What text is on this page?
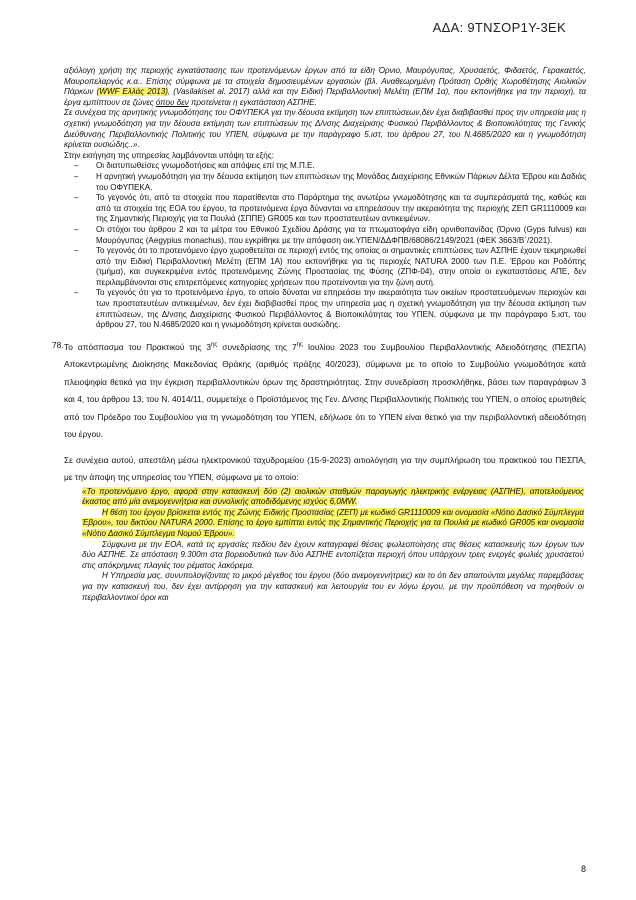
ΑΔΑ: 9ΤΝΣΟΡ1Υ-3ΕΚ

αξιόλογη χρήση της περιοχής εγκατάστασης των προτεινόμενων έργων από τα είδη Όρνιο, Μαυρόγυπας, Χρυσαετός, Φιδαετός, Γερακαετός, Μαυροπελαργός κ.α.. Επίσης σύμφωνα με τα στοιχεία δημοσιευμένων εργασιών (βλ. Αναθεωρημένη Πρόταση Ορθής Χωροθέτησης Αιολικών Πάρκων (WWF Ελλάς 2013), (Vasilakiset al. 2017) αλλά και την Ειδική Περιβαλλοντική Μελέτη (ΕΠΜ 1α), που εκπονήθηκε για την περιοχή, τα έργα εμπίπτουν σε ζώνες όπου δεν προτείνεται η εγκατάσταση ΑΣΠΗΕ.

Σε συνέχεια της αρνητικής γνωμοδότησης του ΟΦΥΠΕΚΑ για την δέουσα εκτίμηση των επιπτώσεων,δεν έχει διαβιβασθεί προς την υπηρεσία μας η σχετική γνωμοδότηση για την δέουσα εκτίμηση των επιπτώσεων της Δ/νσης Διαχείρισης Φυσικού Περιβάλλοντος & Βιοποικιλότητας της Γενικής Διεύθυνσης Περιβαλλοντικής Πολιτικής του ΥΠΕΝ, σύμφωνα με την παράγραφο 5.ιστ, του άρθρου 27, του Ν.4685/2020 και η γνωμοδότηση κρίνεται ουσιώδης..».

Στην εισήγηση της υπηρεσίας λαμβάνονται υπόψη τα εξής:

– Οι διατυπωθείσες γνωμοδοτήσεις και απόψεις επί της Μ.Π.Ε.
– Η αρνητική γνωμοδότηση για την δέουσα εκτίμηση των επιπτώσεων της Μονάδας Διαχείρισης Εθνικών Πάρκων Δέλτα Έβρου και Δαδιάς του ΟΦΥΠΕΚΑ.
– Το γεγονός ότι, από τα στοιχεία που παρατίθενται στο Παράρτημα της ανωτέρω γνωμοδότησης και τα συμπεράσματά της, καθώς και από τα στοιχεία της ΕΟΑ του έργου, τα προτεινόμενα έργα δύνανται να επηρεάσουν την ακεραιότητα της περιοχής ΖΕΠ GR1110009 και της Σημαντικής Περιοχής για τα Πουλιά (ΣΠΠΕ) GR005 και των προστατευτέων αντικειμένων.
– Οι στόχοι του άρθρου 2 και τα μέτρα του Εθνικού Σχεδίου Δράσης για τα πτωματοφάγα είδη ορνιθοπανίδας (Όρνιο (Gyps fulvus) και Μαυρόγυπας (Aegypius monachus), που εγκρίθηκε με την απόφαση οικ.ΥΠΕΝ/ΔΔΦΠΒ/68086/2149/2021 (ΦΕΚ 3663/Β΄/2021).
– Το γεγονός ότι το προτεινόμενο έργο χωροθετείται σε περιοχή εντός της οποίας οι σημαντικές επιπτώσεις των ΑΣΠΗΕ έχουν τεκμηριωθεί από την Ειδική Περιβαλλοντική Μελέτη (ΕΠΜ 1Α) που εκπονήθηκε για τις περιοχές NATURA 2000 των Π.Ε. Έβρου και Ροδόπης (τμήμα), και συγκεκριμένα εντός προτεινόμενης Ζώνης Προστασίας της Φύσης (ΖΠΦ-04), στην οποία οι εγκαταστάσεις ΑΠΕ, δεν περιλαμβάνονται στις επιτρεπόμενες κατηγορίες χρήσεων που προτείνονται για την ζώνη αυτή.
– Το γεγονός ότι για το προτεινόμενο έργο, το οποίο δύναται να επηρεάσει την ακεραιότητα των οικείων προστατευόμενων περιοχών και των προστατευτέων αντικειμένων, δεν έχει διαβιβασθεί προς την υπηρεσία μας η σχετική γνωμοδότηση για την δέουσα εκτίμηση των επιπτώσεων, της Δ/νσης Διαχείρισης Φυσικού Περιβάλλοντος & Βιοποικιλότητας του ΥΠΕΝ, σύμφωνα με την παράγραφο 5.ιστ, του άρθρου 27, του Ν.4685/2020 και η γνωμοδότηση κρίνεται ουσιώδης.
78. Το απόσπασμα του Πρακτικού της $3^{\eta\varsigma}$ συνεδρίασης της $7^{\eta\varsigma}$ Ιουλίου 2023 του Συμβουλίου Περιβαλλοντικής Αδειοδότησης (ΠΕΣΠΑ) Αποκεντρωμένης Διοίκησης Μακεδονίας Θράκης (αριθμός πράξης 40/2023), σύμφωνα με το οποίο το Συμβούλιο γνωμοδότησε κατά πλειοψηφία θετικά για την έγκριση περιβαλλοντικών όρων της δραστηριότητας. Στην συνεδρίαση προσκλήθηκε, βάσει των παραγράφων 3 και 4, του άρθρου 13, του Ν. 4014/11, συμμετείχε ο Προϊστάμενος της Γεν. Δ/νσης Περιβαλλοντικής Πολιτικής του ΥΠΕΝ, ο οποίος ερωτηθείς από τον Πρόεδρο του Συμβουλίου για τη γνωμοδότηση του ΥΠΕΝ, εδήλωσε ότι το ΥΠΕΝ είναι θετικό για την περιβαλλοντική αδειοδότηση του έργου.

Σε συνέχεια αυτού, απεστάλη μέσω ηλεκτρονικού ταχυδρομείου (15-9-2023) αιτιολόγηση για την συμπλήρωση του πρακτικού του ΠΕΣΠΑ, με την άποψη της υπηρεσίας του ΥΠΕΝ, σύμφωνα με το οποίο:

«Το προτεινόμενο έργο, αφορά στην κατασκευή δύο (2) αιολικών σταθμών παραγωγής ηλεκτρικής ενέργειας (ΑΣΠΗΕ), αποτελούμενος έκαστος από μία ανεμογεννήτρια και συνολικής αποδιδόμενης ισχύος 6,0MW.

Η θέση του έργου βρίσκεται εντός της Ζώνης Ειδικής Προστασίας (ΖΕΠ) με κωδικό GR1110009 και ονομασία «Νότιο Δασικό Σύμπλεγμα Έβρου», του δικτύου NATURA 2000. Επίσης το έργο εμπίπτει εντός της Σημαντικής Περιοχής για τα Πουλιά με κωδικό GR005 και ονομασία «Νότιο Δασικό Σύμπλεγμα Νομού Έβρου».

Σύμφωνα με την ΕΟΑ, κατά τις εργασίες πεδίου δεν έχουν καταγραφεί θέσεις φωλεοποίησης στις θέσεις κατασκευής των έργων των δύο ΑΣΠΗΕ. Σε απόσταση 9.300m στα βορειοδυτικά των δύο ΑΣΠΗΕ εντοπίζεται περιοχή όπου υπάρχουν τρεις ενεργές φωλιές χρυσαετού στις απόκρημνες πλαγιές του ρέματος λακόρεμα.

Η Υπηρεσία μας, συνυπολογίζοντας το μικρό μέγεθος του έργου (δύο ανεμογεννήτριες) και το ότι δεν απαιτούνται μεγάλες παρεμβάσεις για την κατασκευή του, δεν έχει αντίρρηση για την κατασκευή και λειτουργία του εν λόγω έργου, με την προϋπόθεση να τηρηθούν οι περιβαλλοντικοί όροι και

8
